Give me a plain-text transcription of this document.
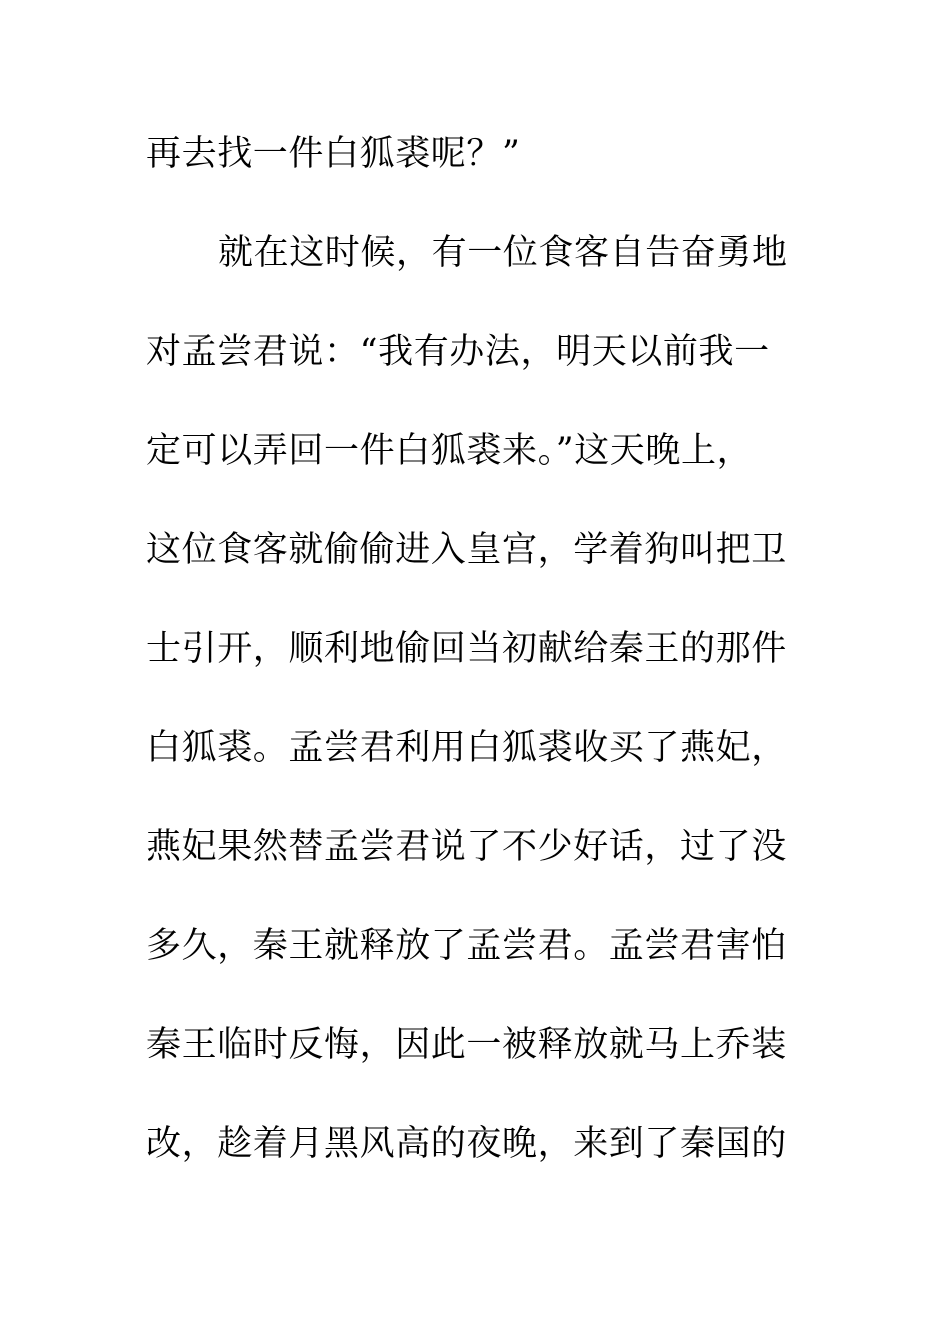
再去找一件白狐裘呢？”
就在这时候，有一位食客自告奋勇地
对孟尝君说：“我有办法，明天以前我一
定可以弄回一件白狐裘来。”这天晚上，
这位食客就偷偷进入皇宫，学着狗叫把卫
士引开，顺利地偷回当初献给秦王的那件
白狐裘。孟尝君利用白狐裘收买了燕妃，
燕妃果然替孟尝君说了不少好话，过了没
多久，秦王就释放了孟尝君。孟尝君害怕
秦王临时反悔，因此一被释放就马上乔装
改，趁着月黑风高的夜晚，来到了秦国的
